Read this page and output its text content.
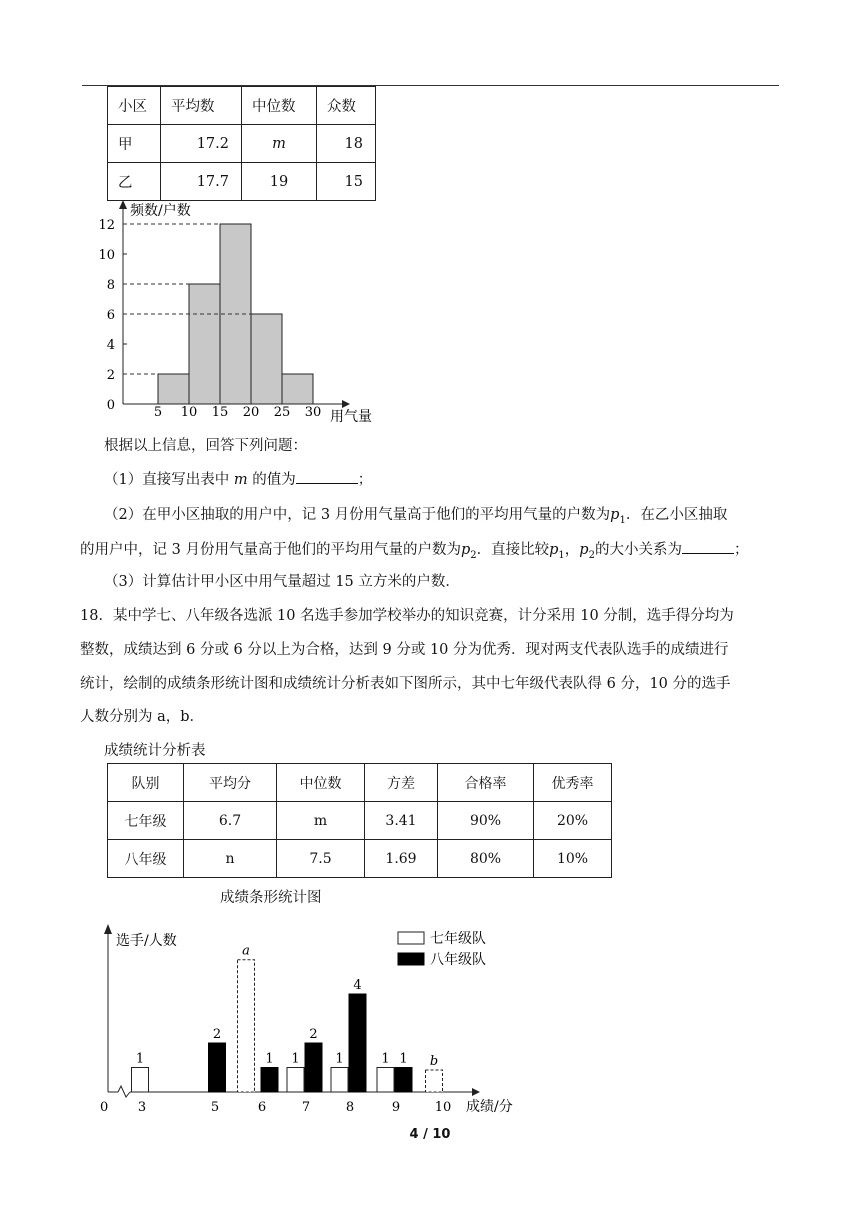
小区	平均数	中位数	众数
甲	17.2	m	18
乙	17.7	19	15
频数/户数
用气量
0
2
4
6
8
10
12
5 10 15 20 25 30
根据以上信息，回答下列问题：
（1）直接写出表中 m 的值为	；
（2）在甲小区抽取的用户中，记 3 月份用气量高于他们的平均用气量的户数为$p_1$．在乙小区抽取
的用户中，记 3 月份用气量高于他们的平均用气量的户数为$p_2$．直接比较$p_1$，$p_2$的大小关系为	；
（3）计算估计甲小区中用气量超过 15 立方米的户数．
18．某中学七、八年级各选派 10 名选手参加学校举办的知识竞赛，计分采用 10 分制，选手得分均为
整数，成绩达到 6 分或 6 分以上为合格，达到 9 分或 10 分为优秀．现对两支代表队选手的成绩进行
统计，绘制的成绩条形统计图和成绩统计分析表如下图所示，其中七年级代表队得 6 分，10 分的选手
人数分别为 a，b．
成绩统计分析表
队别	平均分	中位数	方差	合格率	优秀率
七年级	6.7	m	3.41	90%	20%
八年级	n	7.5	1.69	80%	10%
成绩条形统计图
选手/人数
成绩/分
0 3	5	6	7	8	9	10
1
a
1	1	1	b
2
1
2
4
1
七年级队
八年级队
4 / 10
